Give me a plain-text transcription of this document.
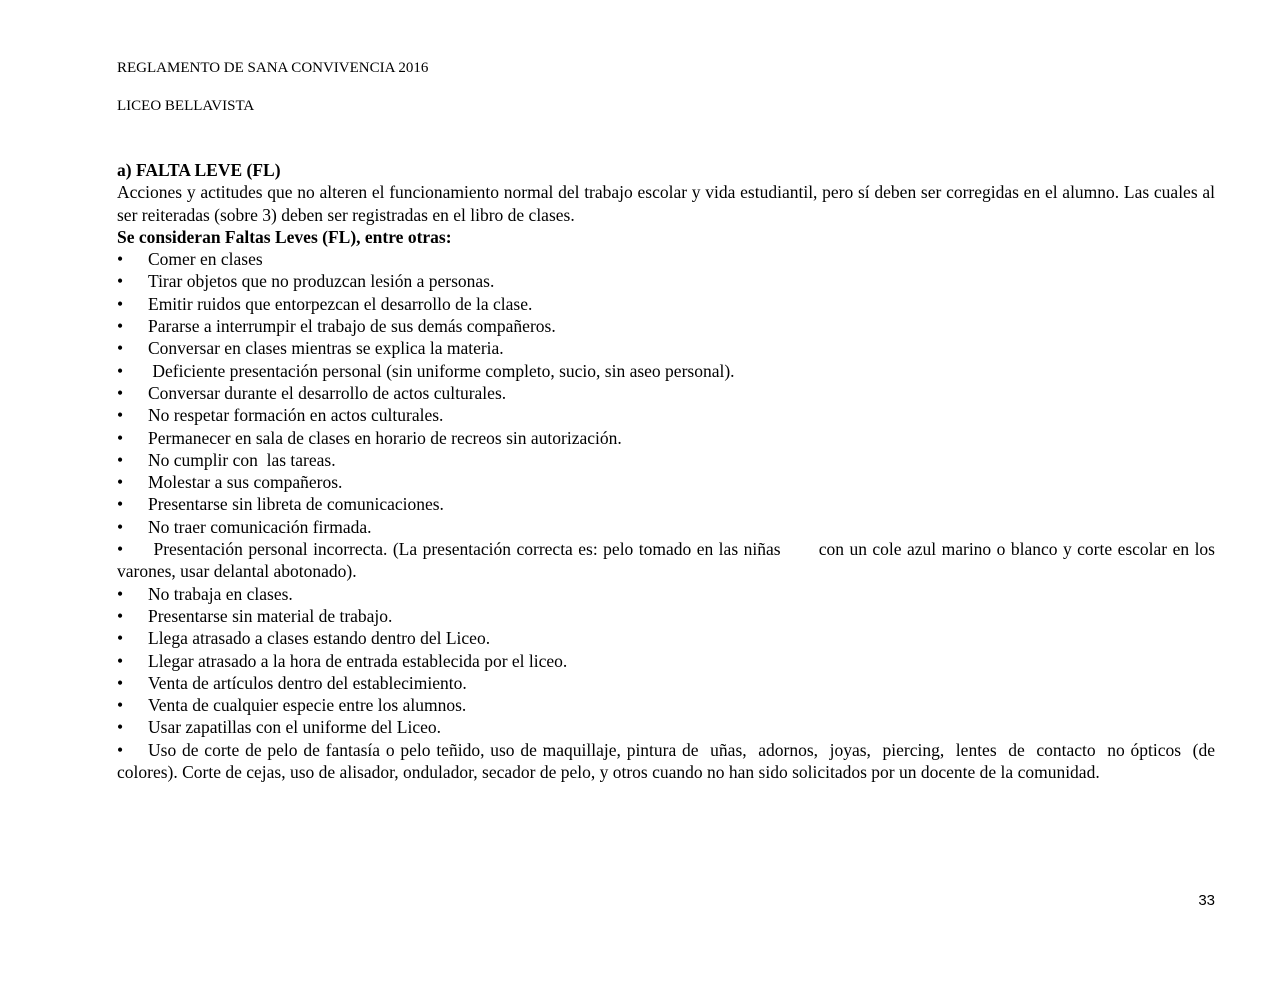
REGLAMENTO DE SANA CONVIVENCIA 2016
LICEO BELLAVISTA

a) FALTA LEVE (FL)

Acciones y actitudes que no alteren el funcionamiento normal del trabajo escolar y vida estudiantil, pero sí deben ser corregidas en el alumno. Las cuales al ser reiteradas (sobre 3) deben ser registradas en el libro de clases.

Se consideran Faltas Leves (FL), entre otras:

• Comer en clases
• Tirar objetos que no produzcan lesión a personas.
• Emitir ruidos que entorpezcan el desarrollo de la clase.
• Pararse a interrumpir el trabajo de sus demás compañeros.
• Conversar en clases mientras se explica la materia.
• Deficiente presentación personal (sin uniforme completo, sucio, sin aseo personal).
• Conversar durante el desarrollo de actos culturales.
• No respetar formación en actos culturales.
• Permanecer en sala de clases en horario de recreos sin autorización.
• No cumplir con  las tareas.
• Molestar a sus compañeros.
• Presentarse sin libreta de comunicaciones.
• No traer comunicación firmada.
• Presentación personal incorrecta. (La presentación correcta es: pelo tomado en las niñas       con un cole azul marino o blanco y corte escolar en los varones, usar delantal abotonado).
• No trabaja en clases.
• Presentarse sin material de trabajo.
• Llega atrasado a clases estando dentro del Liceo.
• Llegar atrasado a la hora de entrada establecida por el liceo.
• Venta de artículos dentro del establecimiento.
• Venta de cualquier especie entre los alumnos.
• Usar zapatillas con el uniforme del Liceo.
• Uso de corte de pelo de fantasía o pelo teñido, uso de maquillaje, pintura de  uñas,  adornos,  joyas,  piercing,  lentes  de  contacto  no ópticos  (de colores). Corte de cejas, uso de alisador, ondulador, secador de pelo, y otros cuando no han sido solicitados por un docente de la comunidad.
33
